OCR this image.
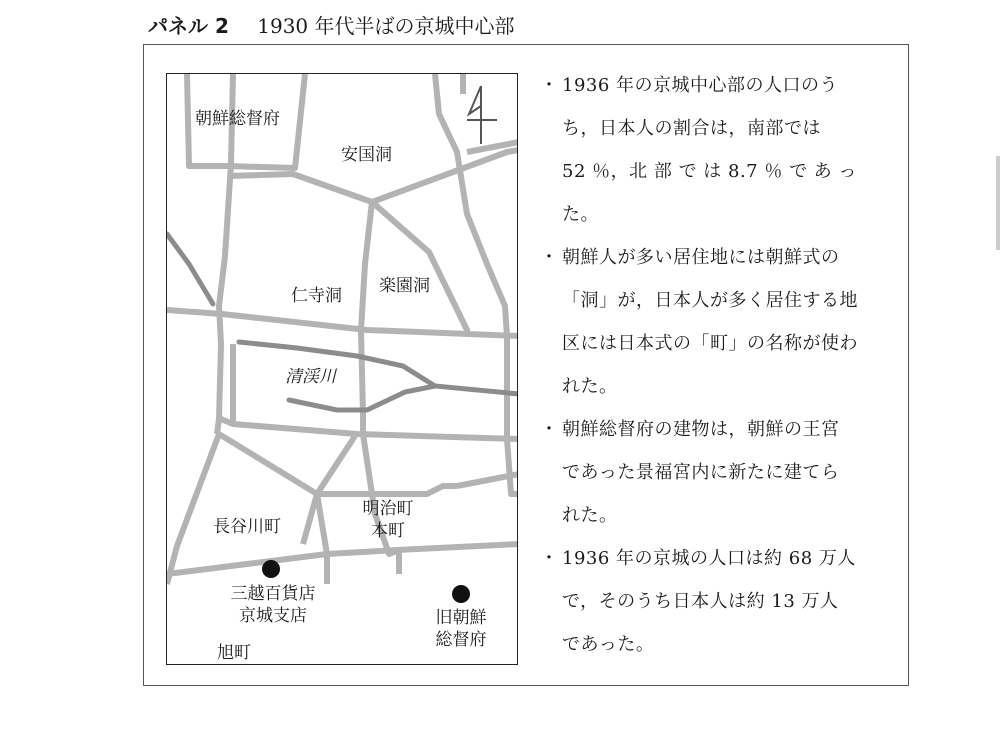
パネル 2 1930 年代半ばの京城中心部
朝鮮総督府
安国洞
仁寺洞 楽園洞
清渓川
長谷川町
明治町
本町
三越百貨店
京城支店
旭町
旧朝鮮
総督府
・ 1936 年の京城中心部の人口のう
ち，日本人の割合は，南部では
52 ％，北 部 で は 8.7 ％ で あ っ
た。
・ 朝鮮人が多い居住地には朝鮮式の
「洞」が，日本人が多く居住する地
区には日本式の「町」の名称が使わ
れた。
・ 朝鮮総督府の建物は，朝鮮の王宮
であった景福宮内に新たに建てら
れた。
・ 1936 年の京城の人口は約 68 万人
で，そのうち日本人は約 13 万人
であった。
